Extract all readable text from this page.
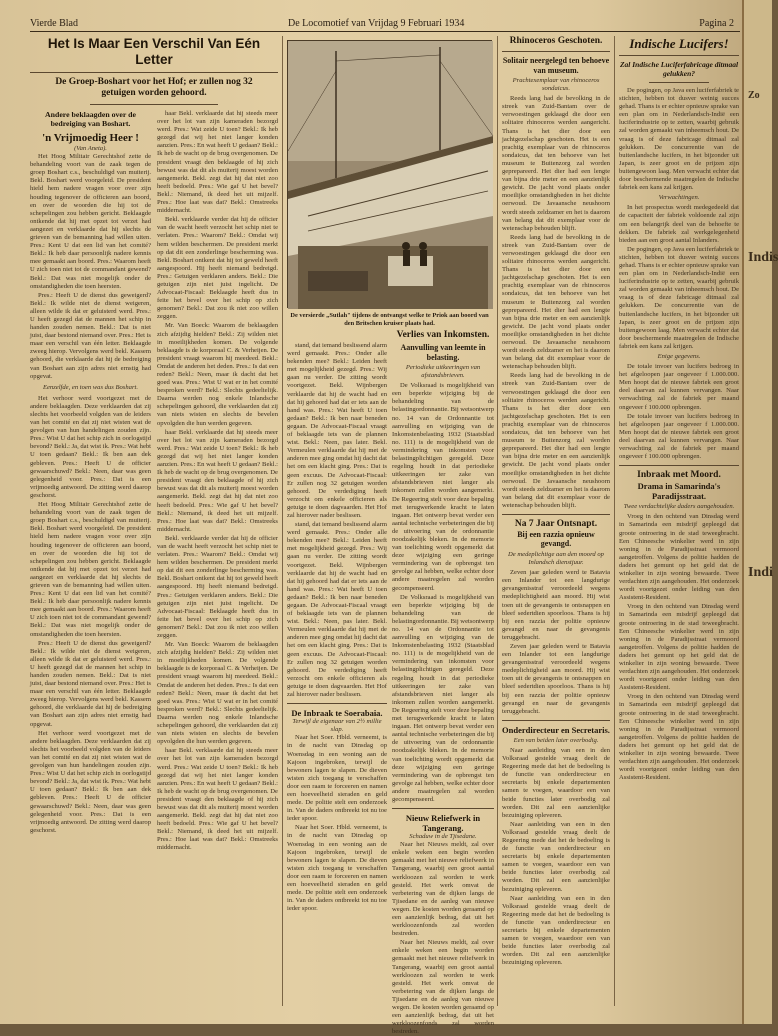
Vierde Blad	De Locomotief van Vrijdag 9 Februari 1934	Pagina 2
Het Is Maar Een Verschil Van Eén Letter
De Groep-Boshart voor het Hof; er zullen nog 32 getuigen worden gehoord.
Andere beklaagden over de bedreiging van Boshart.
'n Vrijmoedig Heer !
(Van Aneta).

Het Hoog Militair Gerechtshof zette de behandeling voort van de zaak tegen de groep Boshart c.s., beschuldigd van muiterij. Bekl. Boshart werd voorgeleid. De president hield hem nadere vragen voor over zijn houding tegenover de officieren aan boord, en over de woorden die hij tot de schepelingen zou hebben gericht. Beklaagde ontkende dat hij met opzet tot verzet had aangezet en verklaarde dat hij slechts de grieven van de bemanning had willen uiten. Pres.: Kent U dat een lid van het comité? Bekl.: Ik heb daar persoonlijk nadere kennis mee gemaakt aan boord. Pres.: Waarom heeft U zich toen niet tot de commandant gewend? Bekl.: Dat was niet mogelijk onder de omstandigheden die toen heersten.

Pres.: Heeft U de dienst dus geweigerd? Bekl.: Ik wilde niet de dienst weigeren, alleen wilde ik dat er geluisterd werd. Pres.: U heeft gezegd dat de mannen het schip in handen zouden nemen. Bekl.: Dat is niet juist, daar bestond niemand over. Pres.: Het is maar een verschil van één letter. Beklaagde zweeg hierop. Vervolgens werd bekl. Kassem gehoord, die verklaarde dat hij de bedreiging van Boshart aan zijn adres niet ernstig had opgevat.

Eenzelfde, en toen was dus Boshart.

Het verhoor werd voortgezet met de andere beklaagden. Deze verklaarden dat zij slechts het voorbeeld volgden van de leiders van het comité en dat zij niet wisten wat de gevolgen van hun handelingen zouden zijn. Pres.: Wist U dat het schip zich in oorlogstijd bevond? Bekl.: Ja, dat wist ik. Pres.: Wat hebt U toen gedaan? Bekl.: Ik ben aan dek gebleven. Pres.: Heeft U de officier gewaarschuwd? Bekl.: Neen, daar was geen gelegenheid voor. Pres.: Dat is een vrijmoedig antwoord. De zitting werd daarop geschorst.

Het Hoog Militair Gerechtshof zette de behandeling voort van de zaak tegen de groep Boshart c.s., beschuldigd van muiterij. Bekl. Boshart werd voorgeleid. De president hield hem nadere vragen voor over zijn houding tegenover de officieren aan boord, en over de woorden die hij tot de schepelingen zou hebben gericht. Beklaagde ontkende dat hij met opzet tot verzet had aangezet en verklaarde dat hij slechts de grieven van de bemanning had willen uiten. Pres.: Kent U dat een lid van het comité? Bekl.: Ik heb daar persoonlijk nadere kennis mee gemaakt aan boord. Pres.: Waarom heeft U zich toen niet tot de commandant gewend? Bekl.: Dat was niet mogelijk onder de omstandigheden die toen heersten.

Pres.: Heeft U de dienst dus geweigerd? Bekl.: Ik wilde niet de dienst weigeren, alleen wilde ik dat er geluisterd werd. Pres.: U heeft gezegd dat de mannen het schip in handen zouden nemen. Bekl.: Dat is niet juist, daar bestond niemand over. Pres.: Het is maar een verschil van één letter. Beklaagde zweeg hierop. Vervolgens werd bekl. Kassem gehoord, die verklaarde dat hij de bedreiging van Boshart aan zijn adres niet ernstig had opgevat.

Het verhoor werd voortgezet met de andere beklaagden. Deze verklaarden dat zij slechts het voorbeeld volgden van de leiders van het comité en dat zij niet wisten wat de gevolgen van hun handelingen zouden zijn. Pres.: Wist U dat het schip zich in oorlogstijd bevond? Bekl.: Ja, dat wist ik. Pres.: Wat hebt U toen gedaan? Bekl.: Ik ben aan dek gebleven. Pres.: Heeft U de officier gewaarschuwd? Bekl.: Neen, daar was geen gelegenheid voor. Pres.: Dat is een vrijmoedig antwoord. De zitting werd daarop geschorst.

haar Bekl. verklaarde dat hij steeds meer over het lot van zijn kameraden bezorgd werd. Pres.: Wat zeide U toen? Bekl.: Ik heb gezegd dat wij het niet langer konden aanzien. Pres.: En wat heeft U gedaan? Bekl.: Ik heb de wacht op de brug overgenomen. De president vraagt den beklaagde of hij zich bewust was dat dit als muiterij moest worden aangemerkt. Bekl. zegt dat hij dat niet zoo heeft bedoeld. Pres.: Wie gaf U het bevel? Bekl.: Niemand, ik deed het uit mijzelf. Pres.: Hoe laat was dat? Bekl.: Omstreeks middernacht.

Bekl. verklaarde verder dat hij de officier van de wacht heeft verzocht het schip niet te verlaten. Pres.: Waarom? Bekl.: Omdat wij hem wilden beschermen. De president merkt op dat dit een zonderlinge bescherming was. Bekl. Boshart ontkent dat hij tot geweld heeft aangespoord. Hij heeft niemand bedreigd. Pres.: Getuigen verklaren anders. Bekl.: Die getuigen zijn niet juist ingelicht. De Advocaat-Fiscaal: Beklaagde heeft dus in feite het bevel over het schip op zich genomen? Bekl.: Dat zou ik niet zoo willen zeggen.

Mr. Van Boeck: Waarom de beklaagden zich afzijdig hielden? Bekl.: Zij wilden niet in moeilijkheden komen. De volgende beklaagde is de korporaal C. & Verheijen. De president vraagt waarom hij meedeed. Bekl.: Omdat de anderen het deden. Pres.: Is dat een reden? Bekl.: Neen, maar ik dacht dat het goed was. Pres.: Wist U wat er in het comité besproken werd? Bekl.: Slechts gedeeltelijk. Daarna werden nog enkele Inlandsche schepelingen gehoord, die verklaarden dat zij van niets wisten en slechts de bevelen opvolgden die hun werden gegeven.

haar Bekl. verklaarde dat hij steeds meer over het lot van zijn kameraden bezorgd werd. Pres.: Wat zeide U toen? Bekl.: Ik heb gezegd dat wij het niet langer konden aanzien. Pres.: En wat heeft U gedaan? Bekl.: Ik heb de wacht op de brug overgenomen. De president vraagt den beklaagde of hij zich bewust was dat dit als muiterij moest worden aangemerkt. Bekl. zegt dat hij dat niet zoo heeft bedoeld. Pres.: Wie gaf U het bevel? Bekl.: Niemand, ik deed het uit mijzelf. Pres.: Hoe laat was dat? Bekl.: Omstreeks middernacht.

Bekl. verklaarde verder dat hij de officier van de wacht heeft verzocht het schip niet te verlaten. Pres.: Waarom? Bekl.: Omdat wij hem wilden beschermen. De president merkt op dat dit een zonderlinge bescherming was. Bekl. Boshart ontkent dat hij tot geweld heeft aangespoord. Hij heeft niemand bedreigd. Pres.: Getuigen verklaren anders. Bekl.: Die getuigen zijn niet juist ingelicht. De Advocaat-Fiscaal: Beklaagde heeft dus in feite het bevel over het schip op zich genomen? Bekl.: Dat zou ik niet zoo willen zeggen.

Mr. Van Boeck: Waarom de beklaagden zich afzijdig hielden? Bekl.: Zij wilden niet in moeilijkheden komen. De volgende beklaagde is de korporaal C. & Verheijen. De president vraagt waarom hij meedeed. Bekl.: Omdat de anderen het deden. Pres.: Is dat een reden? Bekl.: Neen, maar ik dacht dat het goed was. Pres.: Wist U wat er in het comité besproken werd? Bekl.: Slechts gedeeltelijk. Daarna werden nog enkele Inlandsche schepelingen gehoord, die verklaarden dat zij van niets wisten en slechts de bevelen opvolgden die hun werden gegeven.

haar Bekl. verklaarde dat hij steeds meer over het lot van zijn kameraden bezorgd werd. Pres.: Wat zeide U toen? Bekl.: Ik heb gezegd dat wij het niet langer konden aanzien. Pres.: En wat heeft U gedaan? Bekl.: Ik heb de wacht op de brug overgenomen. De president vraagt den beklaagde of hij zich bewust was dat dit als muiterij moest worden aangemerkt. Bekl. zegt dat hij dat niet zoo heeft bedoeld. Pres.: Wie gaf U het bevel? Bekl.: Niemand, ik deed het uit mijzelf. Pres.: Hoe laat was dat? Bekl.: Omstreeks middernacht.

De versierde „Sutlah" tijdens de ontvangst welke te Priok aan boord van den Britschen kruiser plaats had.

stand, dat iemand beslissend alarm werd gemaakt. Pres.: Onder alle bekenden mee? Bekl.: Leiden heeft met mogelijkheid gezegd. Pres.: Wij gaan nu verder. De zitting wordt voortgezet. Bekl. Wijnbergen verklaarde dat hij de wacht had en dat hij gehoord had dat er iets aan de hand was. Pres.: Wat heeft U toen gedaan? Bekl.: Ik ben naar beneden gegaan. De Advocaat-Fiscaal vraagt of beklaagde iets van de plannen wist. Bekl.: Neen, pas later. Bekl. Vermeulen verklaarde dat hij met de anderen mee ging omdat hij dacht dat het om een klacht ging. Pres.: Dat is geen excuus. De Advocaat-Fiscaal: Er zullen nog 32 getuigen worden gehoord. De verdediging heeft verzocht om enkele officieren als getuige te doen dagvaarden. Het Hof zal hierover nader beslissen.

stand, dat iemand beslissend alarm werd gemaakt. Pres.: Onder alle bekenden mee? Bekl.: Leiden heeft met mogelijkheid gezegd. Pres.: Wij gaan nu verder. De zitting wordt voortgezet. Bekl. Wijnbergen verklaarde dat hij de wacht had en dat hij gehoord had dat er iets aan de hand was. Pres.: Wat heeft U toen gedaan? Bekl.: Ik ben naar beneden gegaan. De Advocaat-Fiscaal vraagt of beklaagde iets van de plannen wist. Bekl.: Neen, pas later. Bekl. Vermeulen verklaarde dat hij met de anderen mee ging omdat hij dacht dat het om een klacht ging. Pres.: Dat is geen excuus. De Advocaat-Fiscaal: Er zullen nog 32 getuigen worden gehoord. De verdediging heeft verzocht om enkele officieren als getuige te doen dagvaarden. Het Hof zal hierover nader beslissen.

De Inbraak te Soerabaia.
Terwijl de eigenaar van 2½ millie slap.

Naar het Soer. Hbld. verneemt, is in de nacht van Dinsdag op Woensdag in een woning aan de Kajoon ingebroken, terwijl de bewoners lagen te slapen. De dieven wisten zich toegang te verschaffen door een raam te forceeren en namen een hoeveelheid sieraden en geld mede. De politie stelt een onderzoek in. Van de daders ontbreekt tot nu toe ieder spoor.

Naar het Soer. Hbld. verneemt, is in de nacht van Dinsdag op Woensdag in een woning aan de Kajoon ingebroken, terwijl de bewoners lagen te slapen. De dieven wisten zich toegang te verschaffen door een raam te forceeren en namen een hoeveelheid sieraden en geld mede. De politie stelt een onderzoek in. Van de daders ontbreekt tot nu toe ieder spoor.

Verlies van Inkomsten.
Aanvulling van leemte in belasting.
Periodieke uitkeeringen van afstandsbrieven.

De Volksraad is mogelijkheid van een beperkte wijziging bij de behandeling van de belastingordonnantie. Bij wetsontwerp no. 14 van de Ordonnantie tot aanvulling en wijziging van de Inkomstenbelasting 1932 (Staatsblad no. 111) is de mogelijkheid van de vermindering van inkomsten voor belastingplichtigen geregeld. Deze regeling houdt in dat periodieke uitkeeringen ter zake van afstandsbrieven niet langer als inkomen zullen worden aangemerkt. De Regeering stelt voor deze bepaling met terugwerkende kracht te laten ingaan. Het ontwerp bevat verder een aantal technische verbeteringen die bij de uitvoering van de ordonnantie noodzakelijk bleken. In de memorie van toelichting wordt opgemerkt dat deze wijziging een geringe vermindering van de opbrengst ten gevolge zal hebben, welke echter door andere maatregelen zal worden gecompenseerd.

De Volksraad is mogelijkheid van een beperkte wijziging bij de behandeling van de belastingordonnantie. Bij wetsontwerp no. 14 van de Ordonnantie tot aanvulling en wijziging van de Inkomstenbelasting 1932 (Staatsblad no. 111) is de mogelijkheid van de vermindering van inkomsten voor belastingplichtigen geregeld. Deze regeling houdt in dat periodieke uitkeeringen ter zake van afstandsbrieven niet langer als inkomen zullen worden aangemerkt. De Regeering stelt voor deze bepaling met terugwerkende kracht te laten ingaan. Het ontwerp bevat verder een aantal technische verbeteringen die bij de uitvoering van de ordonnantie noodzakelijk bleken. In de memorie van toelichting wordt opgemerkt dat deze wijziging een geringe vermindering van de opbrengst ten gevolge zal hebben, welke echter door andere maatregelen zal worden gecompenseerd.

Nieuw Reliefwerk in Tangerang.
Schaduw in de Tjisedane.

Naar het Nieuws meldt, zal over enkele weken een begin worden gemaakt met het nieuwe reliefwerk in Tangerang, waarbij een groot aantal werkloozen zal worden te werk gesteld. Het werk omvat de verbetering van de dijken langs de Tjisedane en de aanleg van nieuwe wegen. De kosten worden geraamd op een aanzienlijk bedrag, dat uit het werkloozenfonds zal worden bestreden.

Naar het Nieuws meldt, zal over enkele weken een begin worden gemaakt met het nieuwe reliefwerk in Tangerang, waarbij een groot aantal werkloozen zal worden te werk gesteld. Het werk omvat de verbetering van de dijken langs de Tjisedane en de aanleg van nieuwe wegen. De kosten worden geraamd op een aanzienlijk bedrag, dat uit het werkloozenfonds zal worden bestreden.

Rhinoceros Geschoten.
Solitair neergelegd ten behoeve van museum.
Prachtexemplaar van rhinoceros sondaicus.

Reeds lang had de bevolking in de streek van Zuid-Bantam over de verwoestingen geklaagd die door een solitaire rhinoceros werden aangericht. Thans is het dier door een jachtgezelschap geschoten. Het is een prachtig exemplaar van de rhinoceros sondaicus, dat ten behoeve van het museum te Buitenzorg zal worden geprepareerd. Het dier had een lengte van bijna drie meter en een aanzienlijk gewicht. De jacht vond plaats onder moeilijke omstandigheden in het dichte oerwoud. De Javaansche neushoorn wordt steeds zeldzamer en het is daarom van belang dat dit exemplaar voor de wetenschap behouden blijft.

Reeds lang had de bevolking in de streek van Zuid-Bantam over de verwoestingen geklaagd die door een solitaire rhinoceros werden aangericht. Thans is het dier door een jachtgezelschap geschoten. Het is een prachtig exemplaar van de rhinoceros sondaicus, dat ten behoeve van het museum te Buitenzorg zal worden geprepareerd. Het dier had een lengte van bijna drie meter en een aanzienlijk gewicht. De jacht vond plaats onder moeilijke omstandigheden in het dichte oerwoud. De Javaansche neushoorn wordt steeds zeldzamer en het is daarom van belang dat dit exemplaar voor de wetenschap behouden blijft.

Reeds lang had de bevolking in de streek van Zuid-Bantam over de verwoestingen geklaagd die door een solitaire rhinoceros werden aangericht. Thans is het dier door een jachtgezelschap geschoten. Het is een prachtig exemplaar van de rhinoceros sondaicus, dat ten behoeve van het museum te Buitenzorg zal worden geprepareerd. Het dier had een lengte van bijna drie meter en een aanzienlijk gewicht. De jacht vond plaats onder moeilijke omstandigheden in het dichte oerwoud. De Javaansche neushoorn wordt steeds zeldzamer en het is daarom van belang dat dit exemplaar voor de wetenschap behouden blijft.

Na 7 Jaar Ontsnapt.
Bij een razzia opnieuw gevangd.
De medeplichtige aan den moord op Inlandsch dienstjuur.

Zeven jaar geleden werd te Batavia een Inlander tot een langdurige gevangenisstraf veroordeeld wegens medeplichtigheid aan moord. Hij wist toen uit de gevangenis te ontsnappen en bleef sedertdien spoorloos. Thans is hij bij een razzia der politie opnieuw gevangd en naar de gevangenis teruggebracht.

Zeven jaar geleden werd te Batavia een Inlander tot een langdurige gevangenisstraf veroordeeld wegens medeplichtigheid aan moord. Hij wist toen uit de gevangenis te ontsnappen en bleef sedertdien spoorloos. Thans is hij bij een razzia der politie opnieuw gevangd en naar de gevangenis teruggebracht.

Onderdirecteur en Secretaris.
Een van beiden later overbodig.

Naar aanleiding van een in den Volksraad gestelde vraag deelt de Regeering mede dat het de bedoeling is de functie van onderdirecteur en secretaris bij enkele departementen samen te voegen, waardoor een van beide functies later overbodig zal worden. Dit zal een aanzienlijke bezuiniging opleveren.

Naar aanleiding van een in den Volksraad gestelde vraag deelt de Regeering mede dat het de bedoeling is de functie van onderdirecteur en secretaris bij enkele departementen samen te voegen, waardoor een van beide functies later overbodig zal worden. Dit zal een aanzienlijke bezuiniging opleveren.

Naar aanleiding van een in den Volksraad gestelde vraag deelt de Regeering mede dat het de bedoeling is de functie van onderdirecteur en secretaris bij enkele departementen samen te voegen, waardoor een van beide functies later overbodig zal worden. Dit zal een aanzienlijke bezuiniging opleveren.

Indische Lucifers!
Zal Indische Luciferfabricage ditmaal gelukken?

De pogingen, op Java een luciferfabriek te stichten, hebben tot dusver weinig succes gehad. Thans is er echter opnieuw sprake van een plan om in Nederlandsch-Indië een luciferindustrie op te zetten, waarbij gebruik zal worden gemaakt van inheemsch hout. De vraag is of deze fabricage ditmaal zal gelukken. De concurrentie van de buitenlandsche lucifers, in het bijzonder uit Japan, is zeer groot en de prijzen zijn buitengewoon laag. Men verwacht echter dat door beschermende maatregelen de Indische fabriek een kans zal krijgen.

Verwachtingen.

In het prospectus wordt medegedeeld dat de capaciteit der fabriek voldoende zal zijn om een belangrijk deel van de behoefte te dekken. De fabriek zal werkgelegenheid bieden aan een groot aantal Inlanders.

De pogingen, op Java een luciferfabriek te stichten, hebben tot dusver weinig succes gehad. Thans is er echter opnieuw sprake van een plan om in Nederlandsch-Indië een luciferindustrie op te zetten, waarbij gebruik zal worden gemaakt van inheemsch hout. De vraag is of deze fabricage ditmaal zal gelukken. De concurrentie van de buitenlandsche lucifers, in het bijzonder uit Japan, is zeer groot en de prijzen zijn buitengewoon laag. Men verwacht echter dat door beschermende maatregelen de Indische fabriek een kans zal krijgen.

Enige gegevens.

De totale invoer van lucifers bedroeg in het afgeloopen jaar ongeveer f 1.000.000. Men hoopt dat de nieuwe fabriek een groot deel daarvan zal kunnen vervangen. Naar verwachting zal de fabriek per maand ongeveer f 100.000 opbrengen.

De totale invoer van lucifers bedroeg in het afgeloopen jaar ongeveer f 1.000.000. Men hoopt dat de nieuwe fabriek een groot deel daarvan zal kunnen vervangen. Naar verwachting zal de fabriek per maand ongeveer f 100.000 opbrengen.

Inbraak met Moord.
Drama in Samarinda's Paradijsstraat.
Twee verdachtelijke daders aangehouden.

Vroeg in den ochtend van Dinsdag werd in Samarinda een misdrijf gepleegd dat groote ontroering in de stad teweegbracht. Een Chineesche winkelier werd in zijn woning in de Paradijsstraat vermoord aangetroffen. Volgens de politie hadden de daders het gemunt op het geld dat de winkelier in zijn woning bewaarde. Twee verdachten zijn aangehouden. Het onderzoek wordt voortgezet onder leiding van den Assistent-Resident.

Vroeg in den ochtend van Dinsdag werd in Samarinda een misdrijf gepleegd dat groote ontroering in de stad teweegbracht. Een Chineesche winkelier werd in zijn woning in de Paradijsstraat vermoord aangetroffen. Volgens de politie hadden de daders het gemunt op het geld dat de winkelier in zijn woning bewaarde. Twee verdachten zijn aangehouden. Het onderzoek wordt voortgezet onder leiding van den Assistent-Resident.

Vroeg in den ochtend van Dinsdag werd in Samarinda een misdrijf gepleegd dat groote ontroering in de stad teweegbracht. Een Chineesche winkelier werd in zijn woning in de Paradijsstraat vermoord aangetroffen. Volgens de politie hadden de daders het gemunt op het geld dat de winkelier in zijn woning bewaarde. Twee verdachten zijn aangehouden. Het onderzoek wordt voortgezet onder leiding van den Assistent-Resident.

Zo
Indis
Indi
